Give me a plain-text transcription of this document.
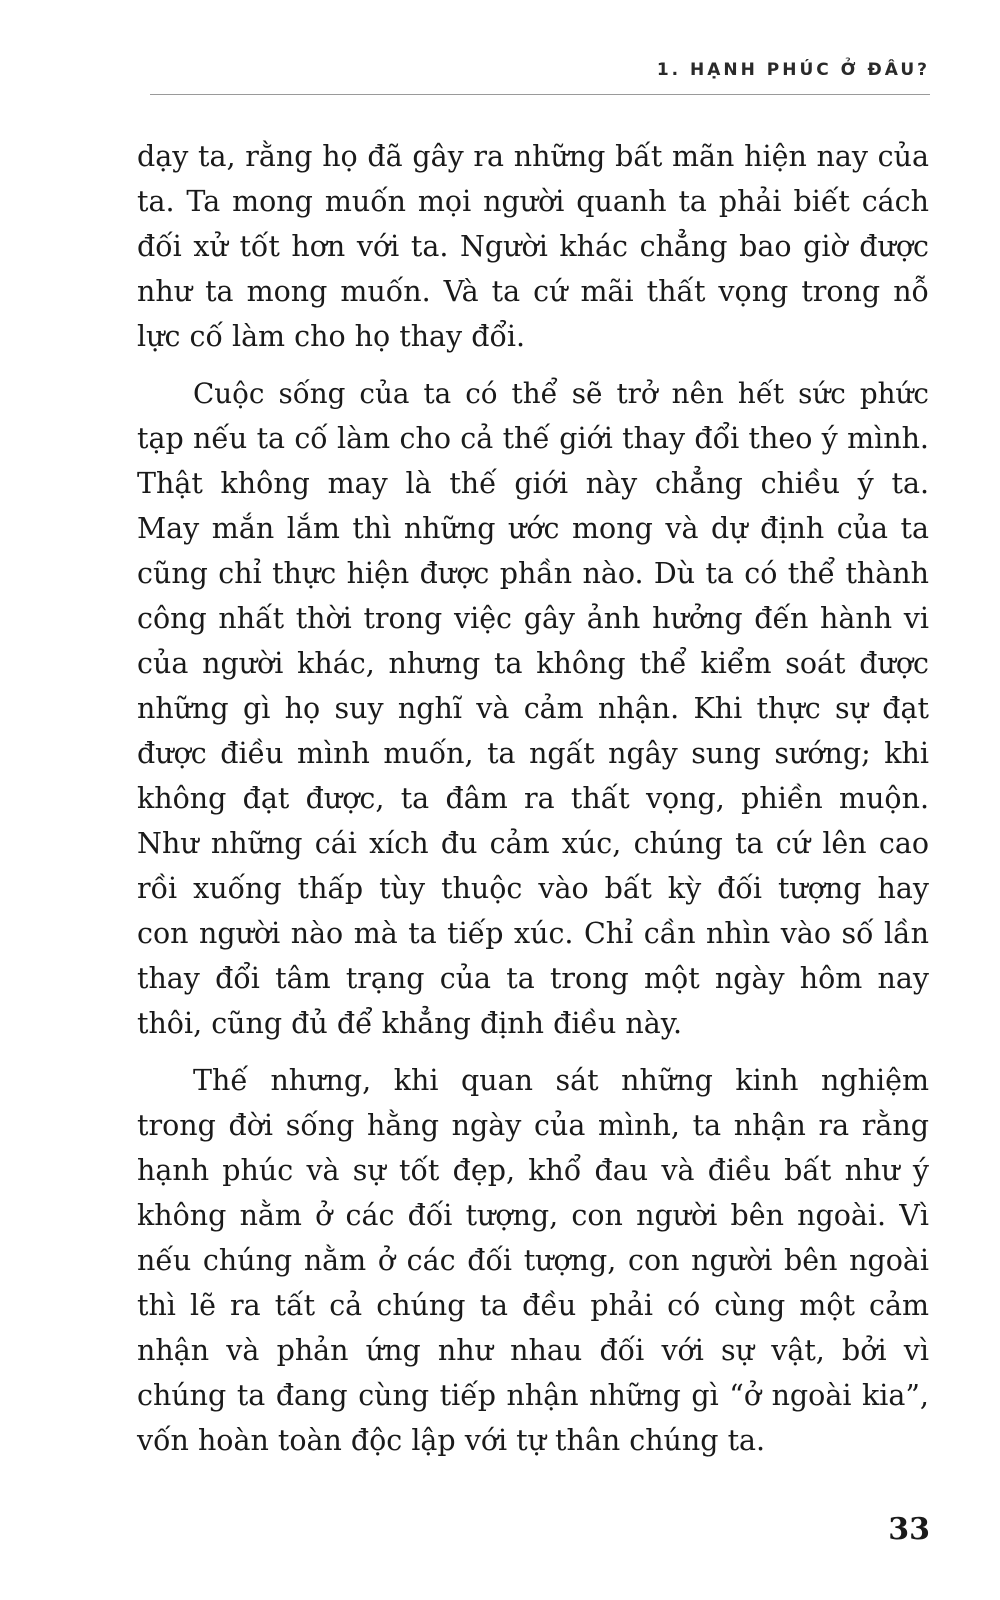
1. HẠNH PHÚC Ở ĐÂU?

dạy ta, rằng họ đã gây ra những bất mãn hiện nay của
ta. Ta mong muốn mọi người quanh ta phải biết cách
đối xử tốt hơn với ta. Người khác chẳng bao giờ được
như ta mong muốn. Và ta cứ mãi thất vọng trong nỗ
lực cố làm cho họ thay đổi.

Cuộc sống của ta có thể sẽ trở nên hết sức phức
tạp nếu ta cố làm cho cả thế giới thay đổi theo ý mình.
Thật không may là thế giới này chẳng chiều ý ta.
May mắn lắm thì những ước mong và dự định của ta
cũng chỉ thực hiện được phần nào. Dù ta có thể thành
công nhất thời trong việc gây ảnh hưởng đến hành vi
của người khác, nhưng ta không thể kiểm soát được
những gì họ suy nghĩ và cảm nhận. Khi thực sự đạt
được điều mình muốn, ta ngất ngây sung sướng; khi
không đạt được, ta đâm ra thất vọng, phiền muộn.
Như những cái xích đu cảm xúc, chúng ta cứ lên cao
rồi xuống thấp tùy thuộc vào bất kỳ đối tượng hay
con người nào mà ta tiếp xúc. Chỉ cần nhìn vào số lần
thay đổi tâm trạng của ta trong một ngày hôm nay
thôi, cũng đủ để khẳng định điều này.

Thế nhưng, khi quan sát những kinh nghiệm
trong đời sống hằng ngày của mình, ta nhận ra rằng
hạnh phúc và sự tốt đẹp, khổ đau và điều bất như ý
không nằm ở các đối tượng, con người bên ngoài. Vì
nếu chúng nằm ở các đối tượng, con người bên ngoài
thì lẽ ra tất cả chúng ta đều phải có cùng một cảm
nhận và phản ứng như nhau đối với sự vật, bởi vì
chúng ta đang cùng tiếp nhận những gì “ở ngoài kia”,
vốn hoàn toàn độc lập với tự thân chúng ta.

33
